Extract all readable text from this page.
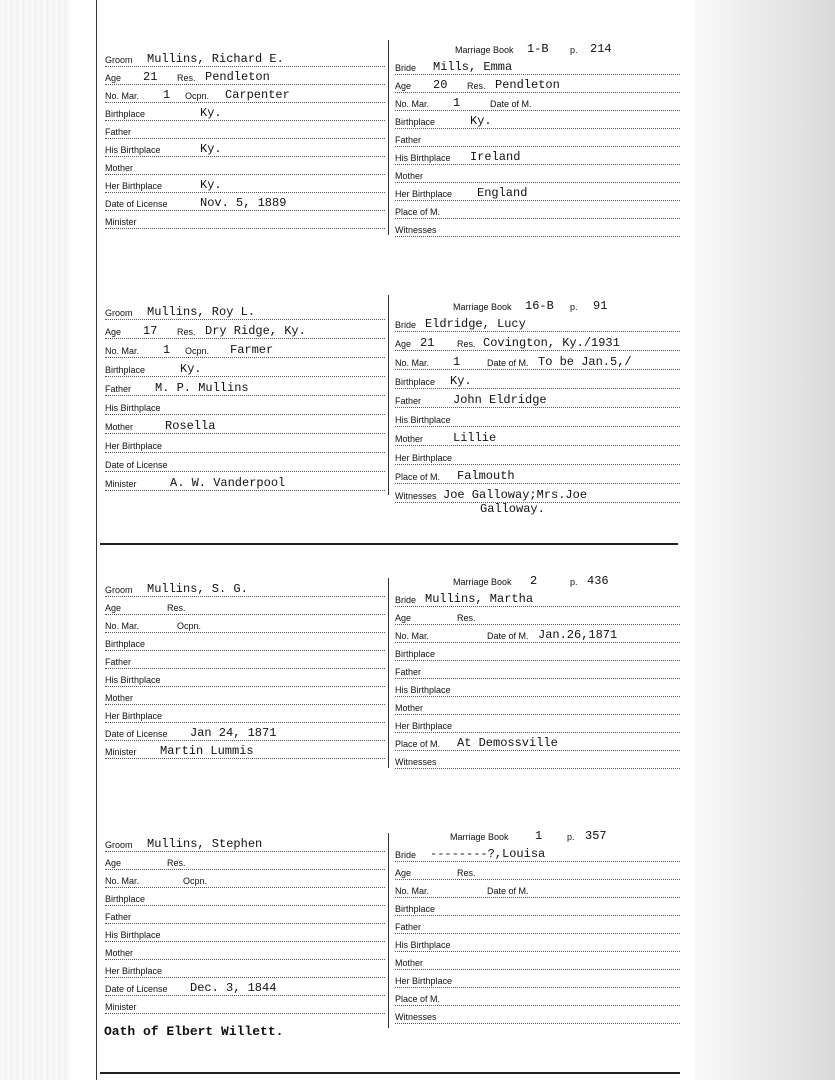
Groom Mullins, Richard E.
Age 21 Res. Pendleton
No. Mar. 1 Ocpn. Carpenter
Birthplace	Ky.
Father
His Birthplace	Ky.
Mother
Her Birthplace	Ky.
Date of License	Nov. 5, 1889
Minister
Marriage Book 1-B p. 214
Bride Mills, Emma
Age 20 Res. Pendleton
No. Mar. 1	Date of M.
Birthplace	Ky.
Father
His Birthplace Ireland
Mother
Her Birthplace England
Place of M.
Witnesses
Groom Mullins, Roy L.
Age 17 Res. Dry Ridge, Ky.
No. Mar. 1 Ocpn. Farmer
Birthplace	Ky.
Father M. P. Mullins
His Birthplace
Mother	Rosella
Her Birthplace
Date of License
Minister	A. W. Vanderpool
Marriage Book 16-B p. 91
Bride Eldridge, Lucy
Age 21	Res. Covington, Ky./1931
No. Mar. 1	Date of M. To be Jan.5,/
Birthplace Ky.
Father	John Eldridge
His Birthplace
Mother Lillie
Her Birthplace
Place of M. Falmouth
Witnesses Joe Galloway;Mrs.Joe
Galloway.
Groom Mullins, S. G.
Age	Res.
No. Mar.	Ocpn.
Birthplace
Father
His Birthplace
Mother
Her Birthplace
Date of License Jan 24, 1871
Minister Martin Lummis
Marriage Book 2	p. 436
Bride Mullins, Martha
Age	Res.
No. Mar.	Date of M. Jan.26,1871
Birthplace
Father
His Birthplace
Mother
Her Birthplace
Place of M. At Demossville
Witnesses
Groom Mullins, Stephen
Age	Res.
No. Mar.	Ocpn.
Birthplace
Father
His Birthplace
Mother
Her Birthplace
Date of License Dec. 3, 1844
Minister
Marriage Book 1	p. 357
Bride --------?,Louisa
Age	Res.
No. Mar.	Date of M.
Birthplace
Father
His Birthplace
Mother
Her Birthplace
Place of M.
Witnesses
Oath of Elbert Willett.
